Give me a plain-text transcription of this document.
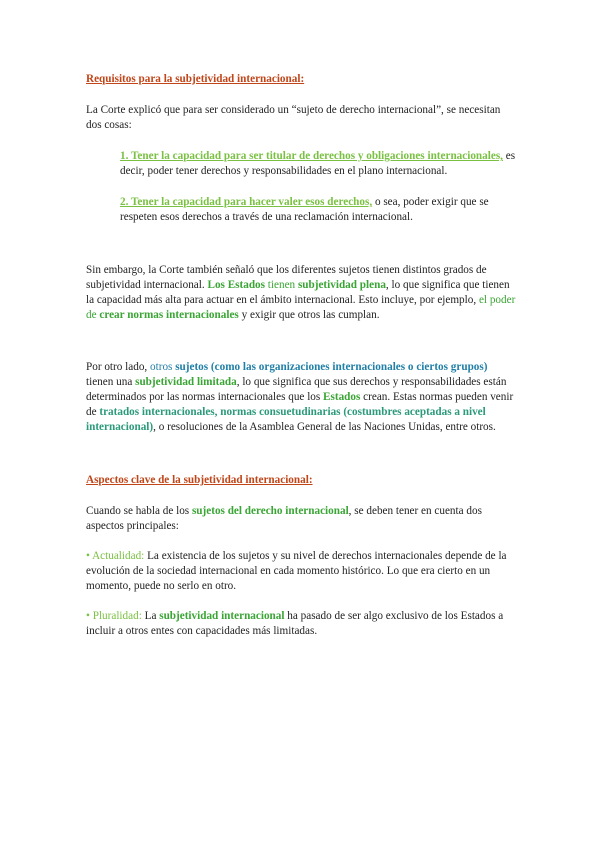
Requisitos para la subjetividad internacional:

La Corte explicó que para ser considerado un “sujeto de derecho internacional”, se necesitan dos cosas:

1. Tener la capacidad para ser titular de derechos y obligaciones internacionales, es decir, poder tener derechos y responsabilidades en el plano internacional.

2. Tener la capacidad para hacer valer esos derechos, o sea, poder exigir que se respeten esos derechos a través de una reclamación internacional.

Sin embargo, la Corte también señaló que los diferentes sujetos tienen distintos grados de subjetividad internacional. Los Estados tienen subjetividad plena, lo que significa que tienen la capacidad más alta para actuar en el ámbito internacional. Esto incluye, por ejemplo, el poder de crear normas internacionales y exigir que otros las cumplan.

Por otro lado, otros sujetos (como las organizaciones internacionales o ciertos grupos) tienen una subjetividad limitada, lo que significa que sus derechos y responsabilidades están determinados por las normas internacionales que los Estados crean. Estas normas pueden venir de tratados internacionales, normas consuetudinarias (costumbres aceptadas a nivel internacional), o resoluciones de la Asamblea General de las Naciones Unidas, entre otros.

Aspectos clave de la subjetividad internacional:

Cuando se habla de los sujetos del derecho internacional, se deben tener en cuenta dos aspectos principales:

• Actualidad: La existencia de los sujetos y su nivel de derechos internacionales depende de la evolución de la sociedad internacional en cada momento histórico. Lo que era cierto en un momento, puede no serlo en otro.

• Pluralidad: La subjetividad internacional ha pasado de ser algo exclusivo de los Estados a incluir a otros entes con capacidades más limitadas.
